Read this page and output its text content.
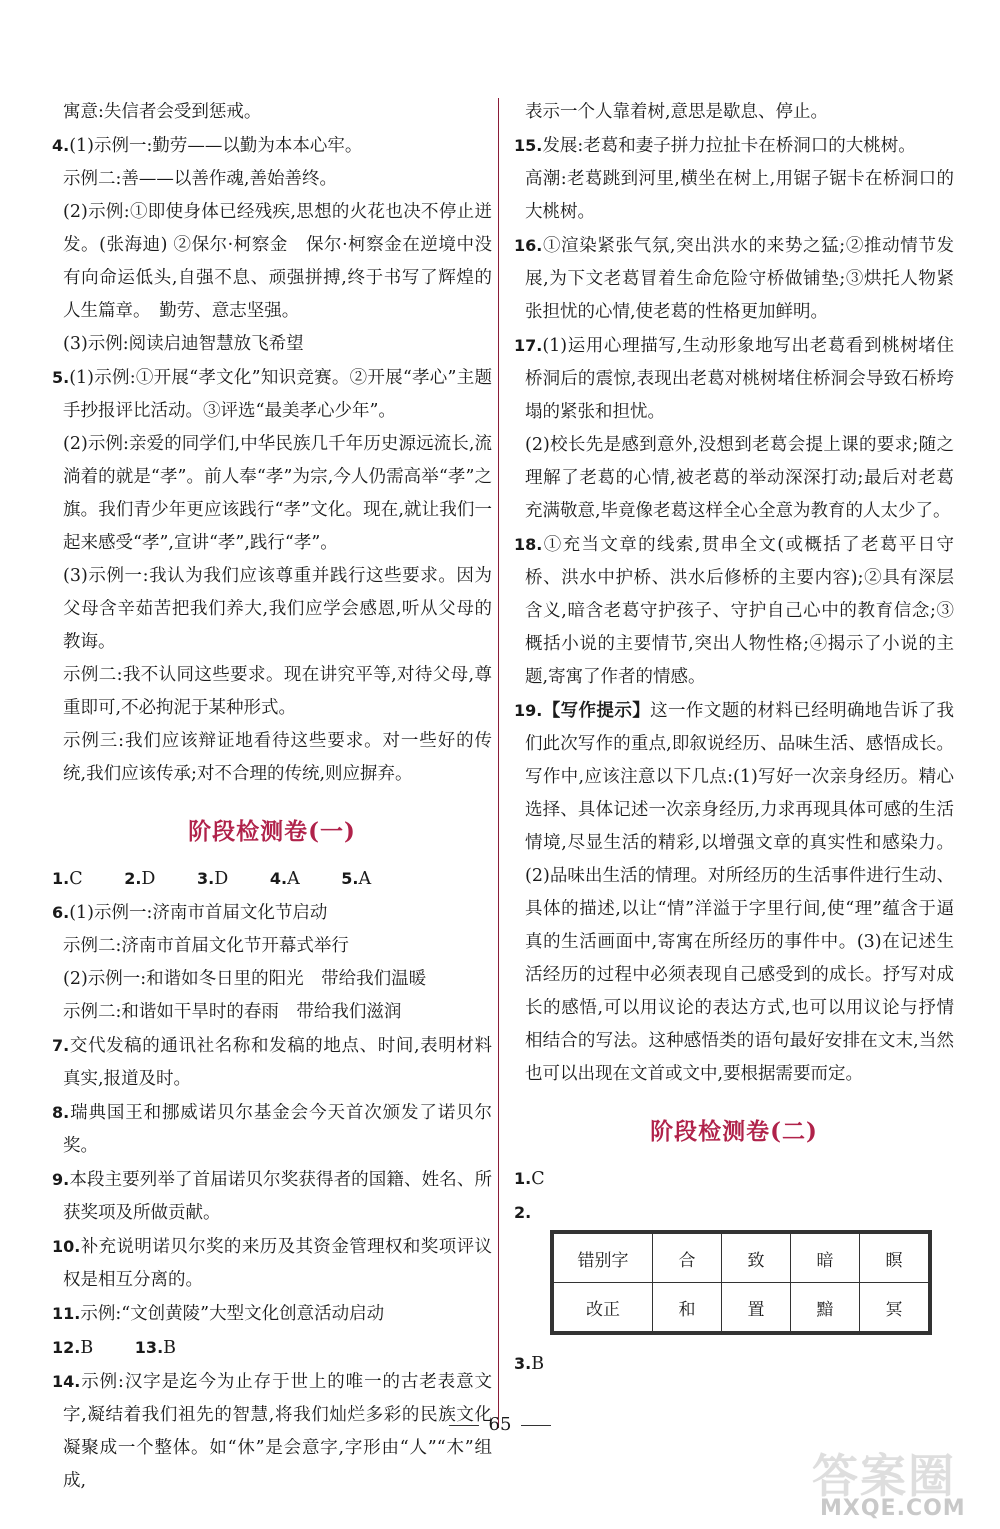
寓意:失信者会受到惩戒。

4.(1)示例一:勤劳——以勤为本本心牢。

示例二:善——以善作魂,善始善终。

(2)示例:①即使身体已经残疾,思想的火花也决不停止迸发。(张海迪) ②保尔·柯察金　保尔·柯察金在逆境中没有向命运低头,自强不息、顽强拼搏,终于书写了辉煌的人生篇章。　勤劳、意志坚强。

(3)示例:阅读启迪智慧放飞希望

5.(1)示例:①开展“孝文化”知识竞赛。②开展“孝心”主题手抄报评比活动。③评选“最美孝心少年”。

(2)示例:亲爱的同学们,中华民族几千年历史源远流长,流淌着的就是“孝”。前人奉“孝”为宗,今人仍需高举“孝”之旗。我们青少年更应该践行“孝”文化。现在,就让我们一起来感受“孝”,宣讲“孝”,践行“孝”。

(3)示例一:我认为我们应该尊重并践行这些要求。因为父母含辛茹苦把我们养大,我们应学会感恩,听从父母的教诲。

示例二:我不认同这些要求。现在讲究平等,对待父母,尊重即可,不必拘泥于某种形式。

示例三:我们应该辩证地看待这些要求。对一些好的传统,我们应该传承;对不合理的传统,则应摒弃。

阶段检测卷(一)

1.C	2.D	3.D	4.A	5.A

6.(1)示例一:济南市首届文化节启动

示例二:济南市首届文化节开幕式举行

(2)示例一:和谐如冬日里的阳光　带给我们温暖

示例二:和谐如干旱时的春雨　带给我们滋润

7.交代发稿的通讯社名称和发稿的地点、时间,表明材料真实,报道及时。

8.瑞典国王和挪威诺贝尔基金会今天首次颁发了诺贝尔奖。

9.本段主要列举了首届诺贝尔奖获得者的国籍、姓名、所获奖项及所做贡献。

10.补充说明诺贝尔奖的来历及其资金管理权和奖项评议权是相互分离的。

11.示例:“文创黄陵”大型文化创意活动启动

12.B	13.B

14.示例:汉字是迄今为止存于世上的唯一的古老表意文字,凝结着我们祖先的智慧,将我们灿烂多彩的民族文化凝聚成一个整体。如“休”是会意字,字形由“人”“木”组成,

表示一个人靠着树,意思是歇息、停止。

15.发展:老葛和妻子拼力拉扯卡在桥洞口的大桃树。

高潮:老葛跳到河里,横坐在树上,用锯子锯卡在桥洞口的大桃树。

16.①渲染紧张气氛,突出洪水的来势之猛;②推动情节发展,为下文老葛冒着生命危险守桥做铺垫;③烘托人物紧张担忧的心情,使老葛的性格更加鲜明。

17.(1)运用心理描写,生动形象地写出老葛看到桃树堵住桥洞后的震惊,表现出老葛对桃树堵住桥洞会导致石桥垮塌的紧张和担忧。

(2)校长先是感到意外,没想到老葛会提上课的要求;随之理解了老葛的心情,被老葛的举动深深打动;最后对老葛充满敬意,毕竟像老葛这样全心全意为教育的人太少了。

18.①充当文章的线索,贯串全文(或概括了老葛平日守桥、洪水中护桥、洪水后修桥的主要内容);②具有深层含义,暗含老葛守护孩子、守护自己心中的教育信念;③概括小说的主要情节,突出人物性格;④揭示了小说的主题,寄寓了作者的情感。

19.【写作提示】这一作文题的材料已经明确地告诉了我们此次写作的重点,即叙说经历、品味生活、感悟成长。写作中,应该注意以下几点:(1)写好一次亲身经历。精心选择、具体记述一次亲身经历,力求再现具体可感的生活情境,尽显生活的精彩,以增强文章的真实性和感染力。(2)品味出生活的情理。对所经历的生活事件进行生动、具体的描述,以让“情”洋溢于字里行间,使“理”蕴含于逼真的生活画面中,寄寓在所经历的事件中。(3)在记述生活经历的过程中必须表现自己感受到的成长。抒写对成长的感悟,可以用议论的表达方式,也可以用议论与抒情相结合的写法。这种感悟类的语句最好安排在文末,当然也可以出现在文首或文中,要根据需要而定。

阶段检测卷(二)

1.C

2.

错别字	合	致	暗	瞑
改正	和	置	黯	冥

3.B

65
答案圈
MXQE.COM
